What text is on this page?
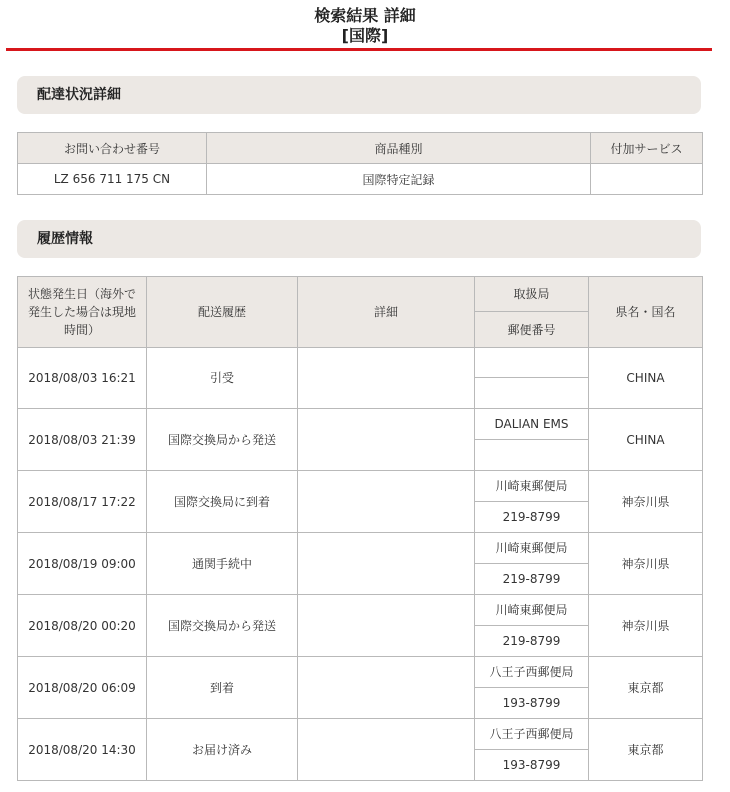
検索結果 詳細
[国際]
配達状況詳細
お問い合わせ番号	商品種別	付加サービス
LZ 656 711 175 CN	国際特定記録	
履歴情報
状態発生日（海外で発生した場合は現地時間）	配送履歴	詳細	取扱局	県名・国名
			郵便番号	
2018/08/03 16:21	引受			CHINA

2018/08/03 21:39	国際交換局から発送		DALIAN EMS	CHINA

2018/08/17 17:22	国際交換局に到着		川崎東郵便局	神奈川県
			219-8799	
2018/08/19 09:00	通関手続中		川崎東郵便局	神奈川県
			219-8799	
2018/08/20 00:20	国際交換局から発送		川崎東郵便局	神奈川県
			219-8799	
2018/08/20 06:09	到着		八王子西郵便局	東京都
			193-8799	
2018/08/20 14:30	お届け済み		八王子西郵便局	東京都
			193-8799	
